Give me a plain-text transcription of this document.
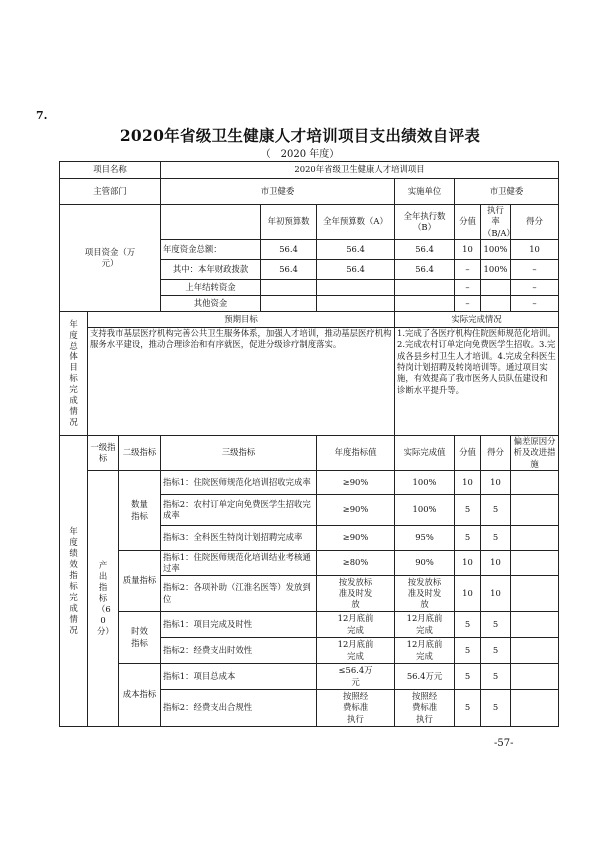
7.
2020年省级卫生健康人才培训项目支出绩效自评表
（　2020 年度）
项目名称			2020年省级卫生健康人才培训项目						
主管部门			市卫健委			实施单位	市卫健委		

项目资金（万元）				年初预算数	全年预算数（A）	全年执行数（B）	分值	执行率（B/A）	得分
			年度资金总额：	56.4	56.4	56.4	10	100%	10
			其中：本年财政拨款	56.4	56.4	56.4	–	100%	–
			上年结转资金				–		–
			其他资金				–		–
年度总体目标完成情况	预期目标					实际完成情况			
	支持我市基层医疗机构完善公共卫生服务体系，加强人才培训，推动基层医疗机构服务水平建设，推动合理诊治和有序就医，促进分级诊疗制度落实。					1.完成了各医疗机构住院医师规范化培训。2.完成农村订单定向免费医学生招收。3.完成各县乡村卫生人才培训。4.完成全科医生特岗计划招聘及转岗培训等。通过项目实施，有效提高了我市医务人员队伍建设和诊断水平提升等。			
年度绩效指标完成情况	一级指标	二级指标	三级指标		年度指标值	实际完成值	分值	得分	偏差原因分析及改进措施
	产出指标（60分）	数量指标	指标1：住院医师规范化培训招收完成率		≥90%	100%	10	10	
			指标2：农村订单定向免费医学生招收完成率		≥90%	100%	5	5	
			指标3：全科医生特岗计划招聘完成率		≥90%	95%	5	5	

		质量指标	指标1：住院医师规范化培训结业考核通过率		≥80%	90%	10	10	
			指标2：各项补助（江淮名医等）发放到位		按发放标准及时发放	按发放标准及时发放	10	10	

		时效指标	指标1：项目完成及时性		12月底前完成	12月底前完成	5	5	
			指标2：经费支出时效性		12月底前完成	12月底前完成	5	5	

		成本指标	指标1：项目总成本		≤56.4万元	56.4万元	5	5	
			指标2：经费支出合规性		按照经费标准执行	按照经费标准执行	5	5	
-57-
